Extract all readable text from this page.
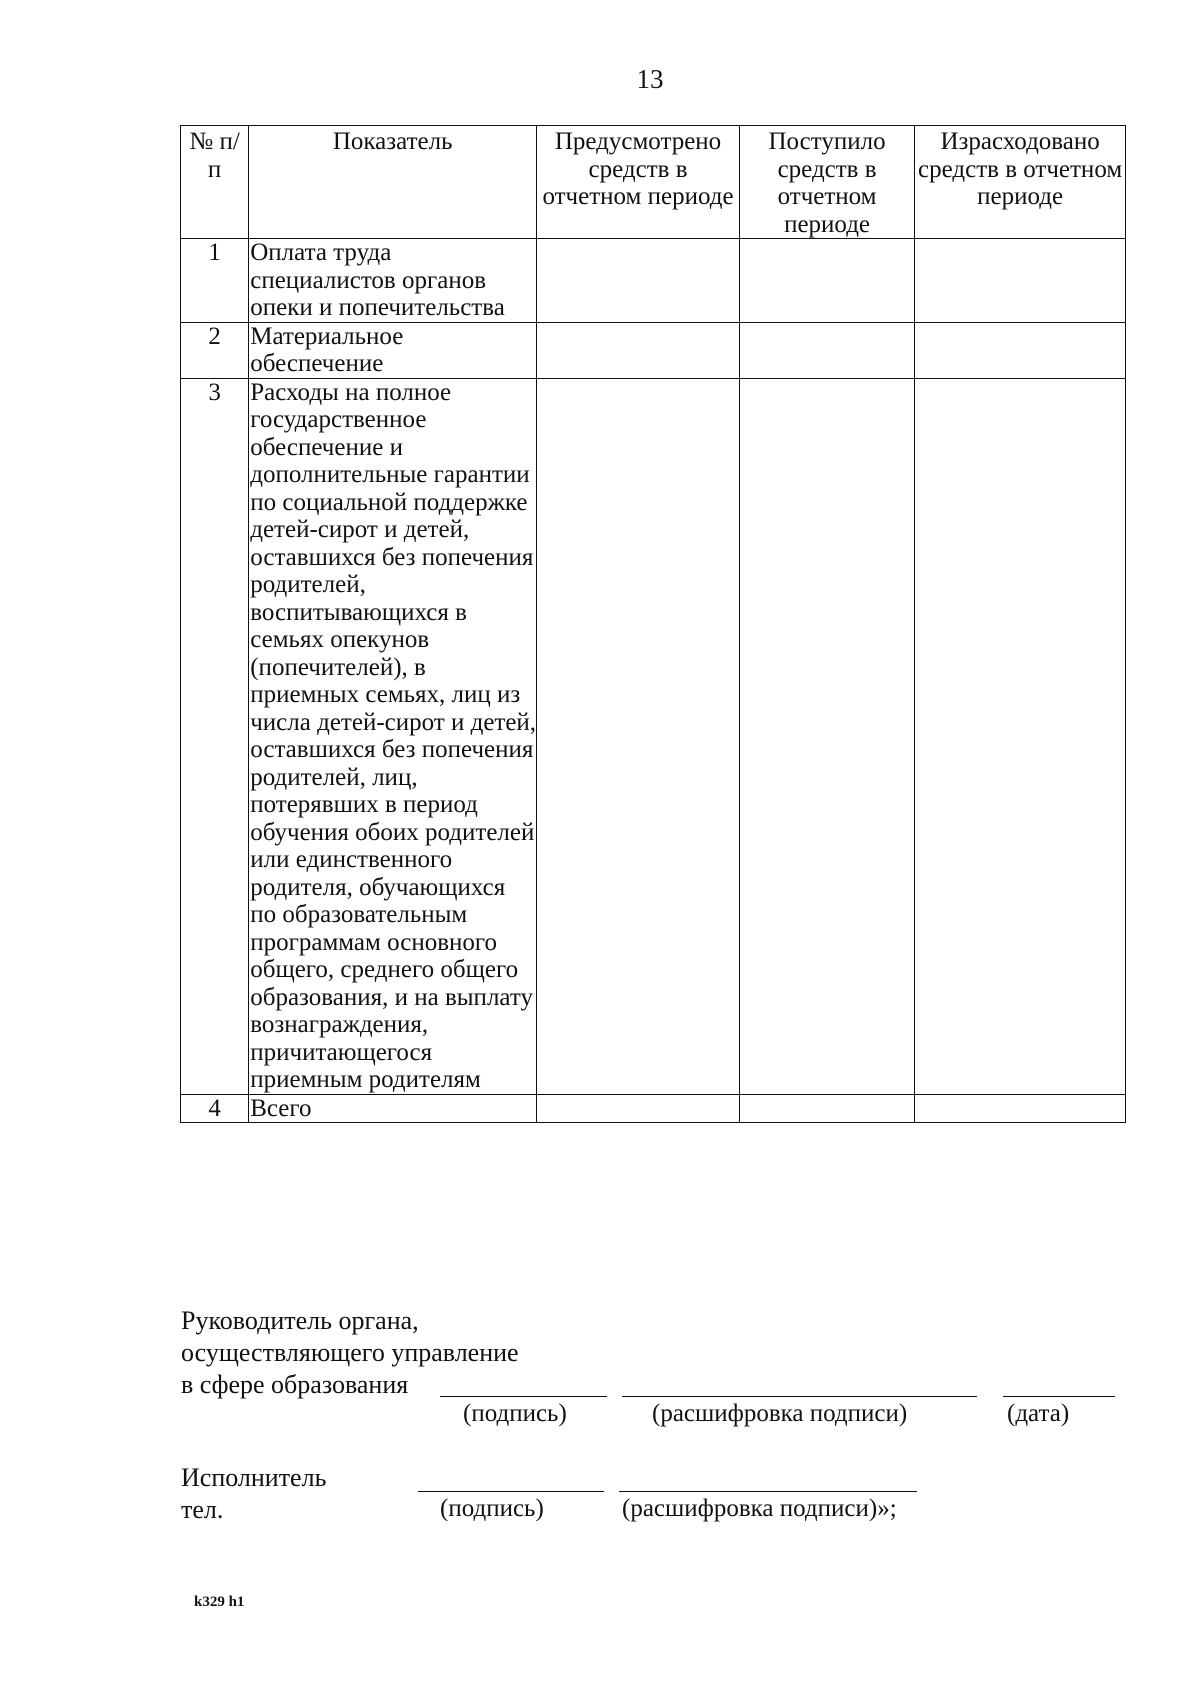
13
№ п/п	Показатель	Предусмотрено средств в отчетном периоде	Поступило средств в отчетном периоде	Израсходовано средств в отчетном периоде
1	Оплата труда специалистов органов опеки и попечительства			
2	Материальное обеспечение			
3	Расходы на полное государственное обеспечение и дополнительные гарантии по социальной поддержке детей-сирот и детей, оставшихся без попечения родителей, воспитывающихся в семьях опекунов (попечителей), в приемных семьях, лиц из числа детей-сирот и детей, оставшихся без попечения родителей, лиц, потерявших в период обучения обоих родителей или единственного родителя, обучающихся по образовательным программам основного общего, среднего общего образования, и на выплату вознаграждения, причитающегося приемным родителям			
4	Всего			
Руководитель органа,
осуществляющего управление
в сфере образования
(подпись)	(расшифровка подписи)	(дата)
Исполнитель
тел.	(подпись)	(расшифровка подписи)»;
k329 h1
